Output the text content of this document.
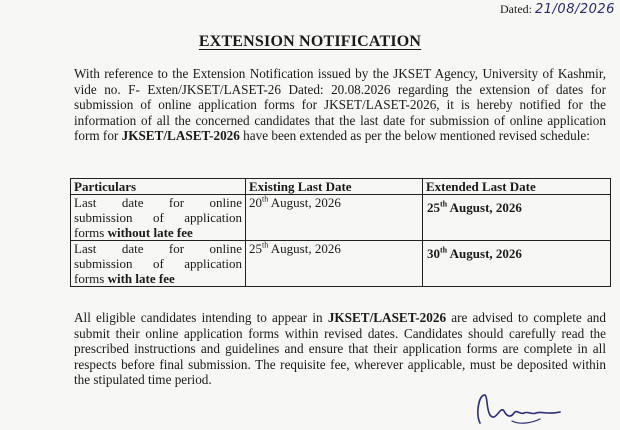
Dated: 21/08/2026
EXTENSION NOTIFICATION
With reference to the Extension Notification issued by the JKSET Agency, University of Kashmir, vide no. F- Exten/JKSET/LASET-26 Dated: 20.08.2026 regarding the extension of dates for submission of online application forms for JKSET/LASET-2026, it is hereby notified for the information of all the concerned candidates that the last date for submission of online application form for JKSET/LASET-2026 have been extended as per the below mentioned revised schedule:
Particulars	Existing Last Date	Extended Last Date
Last date for online
submission of application

forms without late fee	20th August, 2026	25th August, 2026
Last date for online
submission of application

forms with late fee	25th August, 2026	30th August, 2026
All eligible candidates intending to appear in JKSET/LASET-2026 are advised to complete and submit their online application forms within revised dates. Candidates should carefully read the prescribed instructions and guidelines and ensure that their application forms are complete in all respects before final submission. The requisite fee, wherever applicable, must be deposited within the stipulated time period.
